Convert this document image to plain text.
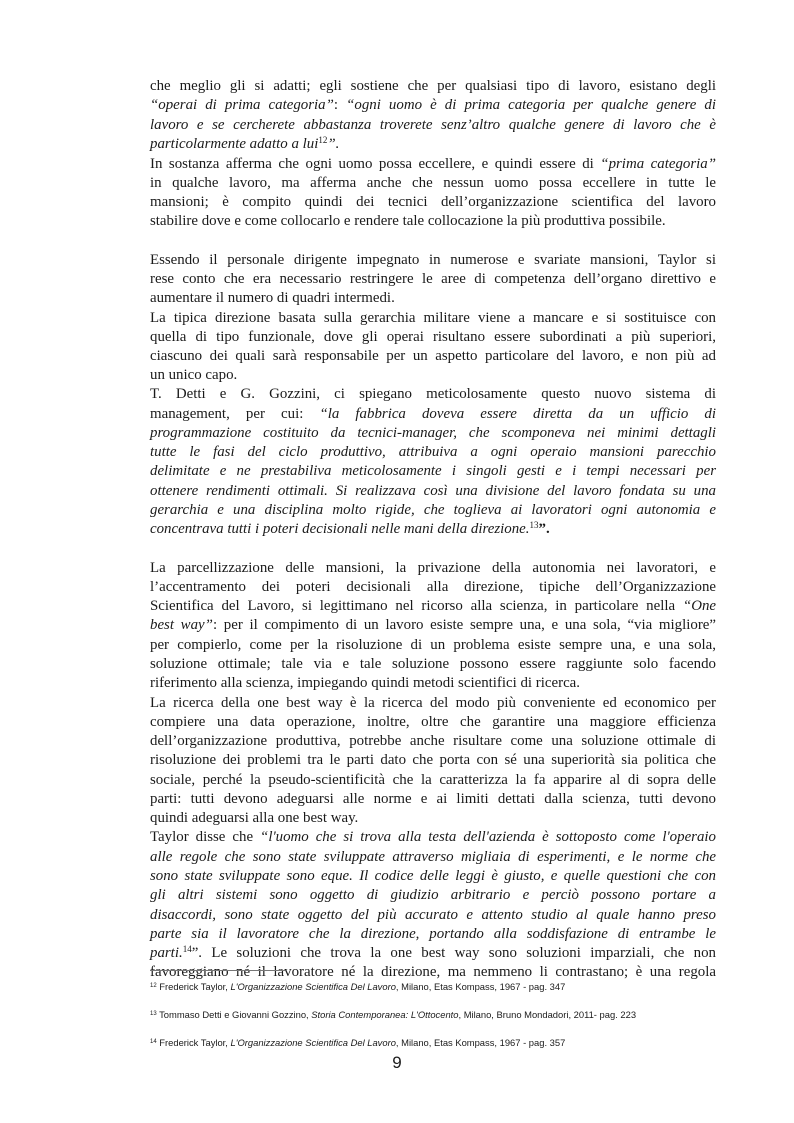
che meglio gli si adatti; egli sostiene che per qualsiasi tipo di lavoro, esistano degli
“operai di prima categoria”: “ogni uomo è di prima categoria per qualche genere di
lavoro e se cercherete abbastanza troverete senz’altro qualche genere di lavoro che è
particolarmente adatto a lui$^{12}$”.
In sostanza afferma che ogni uomo possa eccellere, e quindi essere di “prima categoria”
in qualche lavoro, ma afferma anche che nessun uomo possa eccellere in tutte le
mansioni; è compito quindi dei tecnici dell’organizzazione scientifica del lavoro
stabilire dove e come collocarlo e rendere tale collocazione la più produttiva possibile.
Essendo il personale dirigente impegnato in numerose e svariate mansioni, Taylor si
rese conto che era necessario restringere le aree di competenza dell’organo direttivo e
aumentare il numero di quadri intermedi.
La tipica direzione basata sulla gerarchia militare viene a mancare e si sostituisce con
quella di tipo funzionale, dove gli operai risultano essere subordinati a più superiori,
ciascuno dei quali sarà responsabile per un aspetto particolare del lavoro, e non più ad
un unico capo.
T. Detti e G. Gozzini, ci spiegano meticolosamente questo nuovo sistema di
management, per cui: “la fabbrica doveva essere diretta da un ufficio di
programmazione costituito da tecnici-manager, che scomponeva nei minimi dettagli
tutte le fasi del ciclo produttivo, attribuiva a ogni operaio mansioni parecchio
delimitate e ne prestabiliva meticolosamente i singoli gesti e i tempi necessari per
ottenere rendimenti ottimali. Si realizzava così una divisione del lavoro fondata su una
gerarchia e una disciplina molto rigide, che toglieva ai lavoratori ogni autonomia e
concentrava tutti i poteri decisionali nelle mani della direzione.$^{13}$”.
La parcellizzazione delle mansioni, la privazione della autonomia nei lavoratori, e
l’accentramento dei poteri decisionali alla direzione, tipiche dell’Organizzazione
Scientifica del Lavoro, si legittimano nel ricorso alla scienza, in particolare nella “One
best way”: per il compimento di un lavoro esiste sempre una, e una sola, “via migliore”
per compierlo, come per la risoluzione di un problema esiste sempre una, e una sola,
soluzione ottimale; tale via e tale soluzione possono essere raggiunte solo facendo
riferimento alla scienza, impiegando quindi metodi scientifici di ricerca.
La ricerca della one best way è la ricerca del modo più conveniente ed economico per
compiere una data operazione, inoltre, oltre che garantire una maggiore efficienza
dell’organizzazione produttiva, potrebbe anche risultare come una soluzione ottimale di
risoluzione dei problemi tra le parti dato che porta con sé una superiorità sia politica che
sociale, perché la pseudo-scientificità che la caratterizza la fa apparire al di sopra delle
parti: tutti devono adeguarsi alle norme e ai limiti dettati dalla scienza, tutti devono
quindi adeguarsi alla one best way.
Taylor disse che “l'uomo che si trova alla testa dell'azienda è sottoposto come l'operaio
alle regole che sono state sviluppate attraverso migliaia di esperimenti, e le norme che
sono state sviluppate sono eque. Il codice delle leggi è giusto, e quelle questioni che con
gli altri sistemi sono oggetto di giudizio arbitrario e perciò possono portare a
disaccordi, sono state oggetto del più accurato e attento studio al quale hanno preso
parte sia il lavoratore che la direzione, portando alla soddisfazione di entrambe le
parti.$^{14}$”. Le soluzioni che trova la one best way sono soluzioni imparziali, che non
favoreggiano né il lavoratore né la direzione, ma nemmeno li contrastano; è una regola
$^{12}$ Frederick Taylor, L'Organizzazione Scientifica Del Lavoro, Milano, Etas Kompass, 1967 - pag. 347
$^{13}$ Tommaso Detti e Giovanni Gozzino, Storia Contemporanea: L'Ottocento, Milano, Bruno Mondadori, 2011- pag. 223
$^{14}$ Frederick Taylor, L'Organizzazione Scientifica Del Lavoro, Milano, Etas Kompass, 1967 - pag. 357
9
